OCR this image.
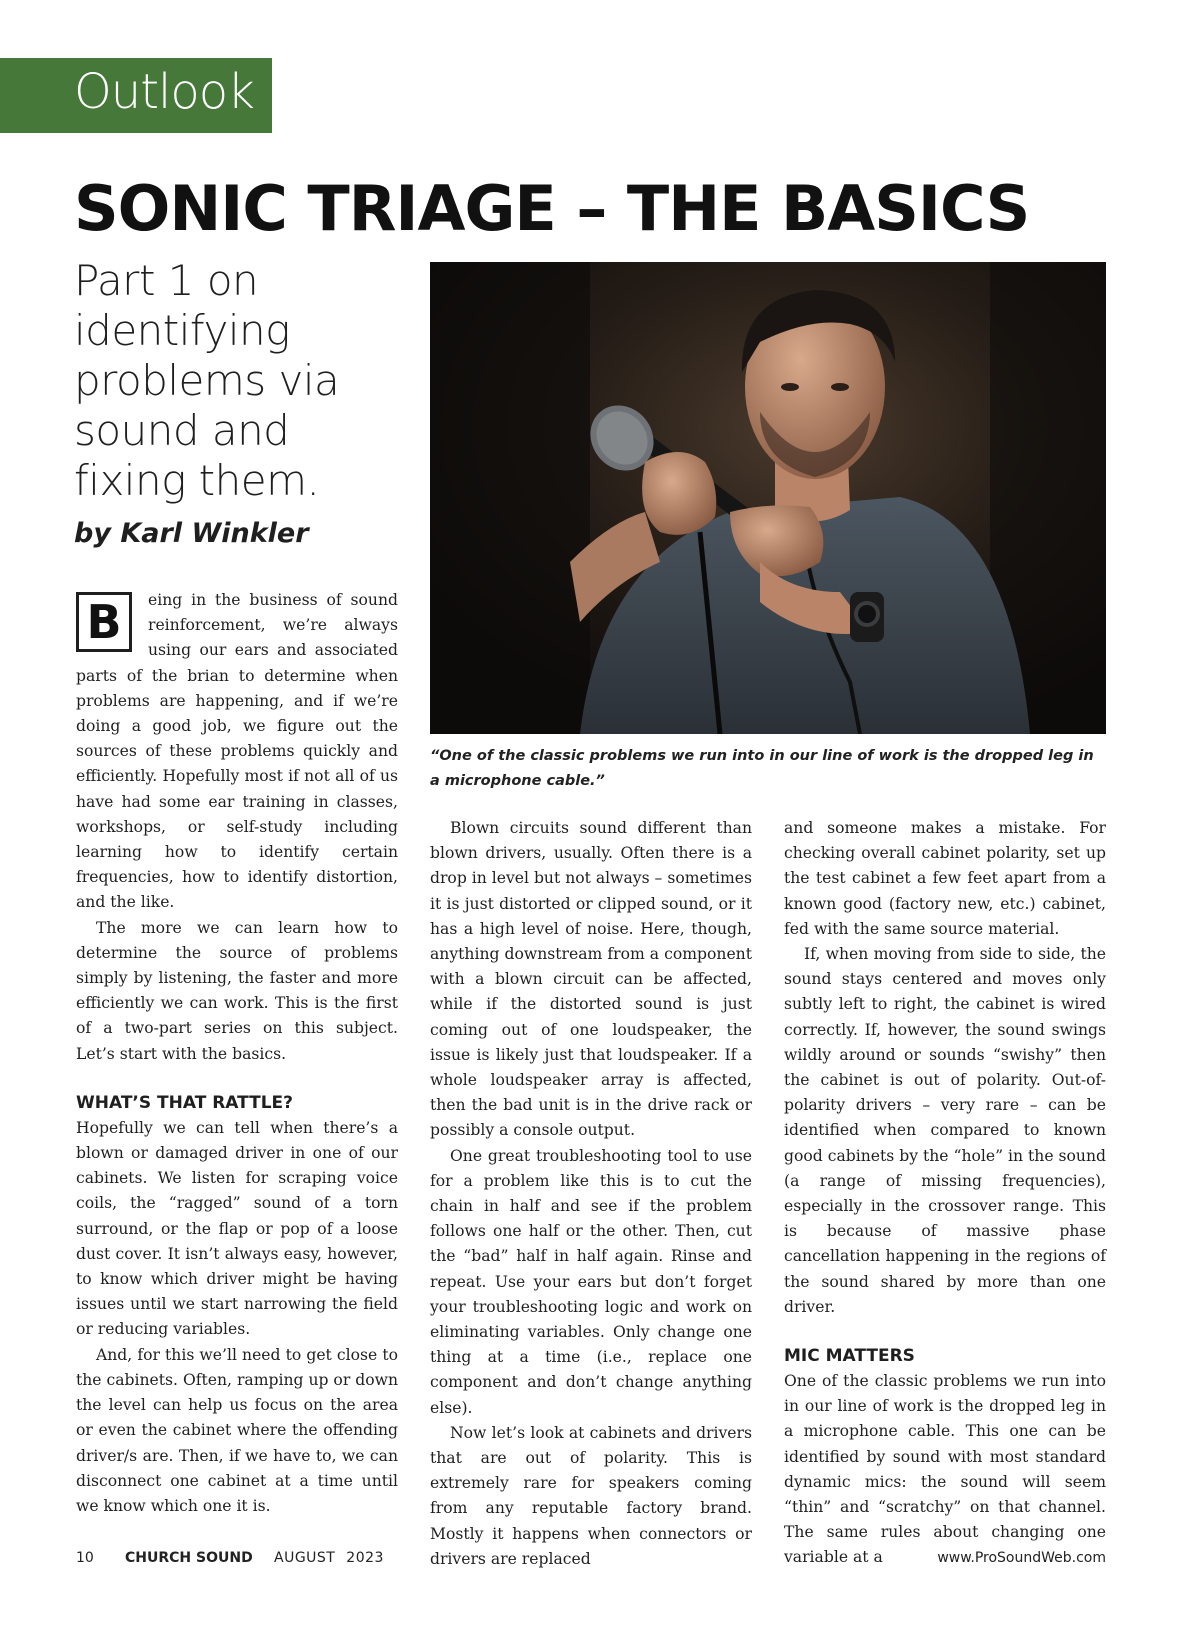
Outlook
SONIC TRIAGE – THE BASICS

Part 1 on identifying problems via sound and fixing them.

by Karl Winkler

“One of the classic problems we run into in our line of work is the dropped leg in a microphone cable.”

B	eing in the business of sound reinforcement, we’re always using our ears and associated parts of the brian to determine when problems are happening, and if we’re doing a good job, we figure out the sources of these problems quickly and efficiently. Hopefully most if not all of us have had some ear training in classes, workshops, or self-study including learning how to identify certain frequencies, how to identify distortion, and the like.

The more we can learn how to determine the source of problems simply by listening, the faster and more efficiently we can work. This is the first of a two-part series on this subject. Let’s start with the basics.

WHAT’S THAT RATTLE?

Hopefully we can tell when there’s a blown or damaged driver in one of our cabinets. We listen for scraping voice coils, the “ragged” sound of a torn surround, or the flap or pop of a loose dust cover. It isn’t always easy, however, to know which driver might be having issues until we start narrowing the field or reducing variables.

And, for this we’ll need to get close to the cabinets. Often, ramping up or down the level can help us focus on the area or even the cabinet where the offending driver/s are. Then, if we have to, we can disconnect one cabinet at a time until we know which one it is.

Blown circuits sound different than blown drivers, usually. Often there is a drop in level but not always – sometimes it is just distorted or clipped sound, or it has a high level of noise. Here, though, anything downstream from a component with a blown circuit can be affected, while if the distorted sound is just coming out of one loudspeaker, the issue is likely just that loudspeaker. If a whole loudspeaker array is affected, then the bad unit is in the drive rack or possibly a console output.

One great troubleshooting tool to use for a problem like this is to cut the chain in half and see if the problem follows one half or the other. Then, cut the “bad” half in half again. Rinse and repeat. Use your ears but don’t forget your troubleshooting logic and work on eliminating variables. Only change one thing at a time (i.e., replace one component and don’t change anything else).

Now let’s look at cabinets and drivers that are out of polarity. This is extremely rare for speakers coming from any reputable factory brand. Mostly it happens when connectors or drivers are replaced

and someone makes a mistake. For checking overall cabinet polarity, set up the test cabinet a few feet apart from a known good (factory new, etc.) cabinet, fed with the same source material.

If, when moving from side to side, the sound stays centered and moves only subtly left to right, the cabinet is wired correctly. If, however, the sound swings wildly around or sounds “swishy” then the cabinet is out of polarity. Out-of-polarity drivers – very rare – can be identified when compared to known good cabinets by the “hole” in the sound (a range of missing frequencies), especially in the crossover range. This is because of massive phase cancellation happening in the regions of the sound shared by more than one driver.

MIC MATTERS

One of the classic problems we run into in our line of work is the dropped leg in a microphone cable. This one can be identified by sound with most standard dynamic mics: the sound will seem “thin” and “scratchy” on that channel. The same rules about changing one variable at a

10 CHURCH SOUND AUGUST 2023	www.ProSoundWeb.com
